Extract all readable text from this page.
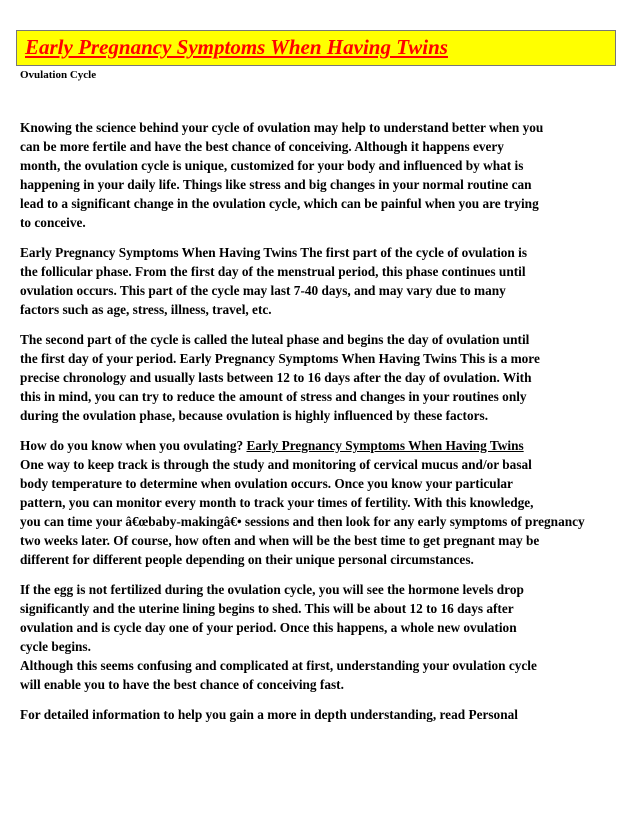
Early Pregnancy Symptoms When Having Twins
Ovulation Cycle
Knowing the science behind your cycle of ovulation may help to understand better when you
can be more fertile and have the best chance of conceiving. Although it happens every
month, the ovulation cycle is unique, customized for your body and influenced by what is
happening in your daily life. Things like stress and big changes in your normal routine can
lead to a significant change in the ovulation cycle, which can be painful when you are trying
to conceive.
Early Pregnancy Symptoms When Having Twins The first part of the cycle of ovulation is
the follicular phase. From the first day of the menstrual period, this phase continues until
ovulation occurs. This part of the cycle may last 7-40 days, and may vary due to many
factors such as age, stress, illness, travel, etc.
The second part of the cycle is called the luteal phase and begins the day of ovulation until
the first day of your period. Early Pregnancy Symptoms When Having Twins This is a more
precise chronology and usually lasts between 12 to 16 days after the day of ovulation. With
this in mind, you can try to reduce the amount of stress and changes in your routines only
during the ovulation phase, because ovulation is highly influenced by these factors.
How do you know when you ovulating? Early Pregnancy Symptoms When Having Twins
One way to keep track is through the study and monitoring of cervical mucus and/or basal
body temperature to determine when ovulation occurs. Once you know your particular
pattern, you can monitor every month to track your times of fertility. With this knowledge,
you can time your â€œbaby-makingâ€• sessions and then look for any early symptoms of pregnancy
two weeks later. Of course, how often and when will be the best time to get pregnant may be
different for different people depending on their unique personal circumstances.
If the egg is not fertilized during the ovulation cycle, you will see the hormone levels drop
significantly and the uterine lining begins to shed. This will be about 12 to 16 days after
ovulation and is cycle day one of your period. Once this happens, a whole new ovulation
cycle begins.
Although this seems confusing and complicated at first, understanding your ovulation cycle
will enable you to have the best chance of conceiving fast.
For detailed information to help you gain a more in depth understanding, read Personal
